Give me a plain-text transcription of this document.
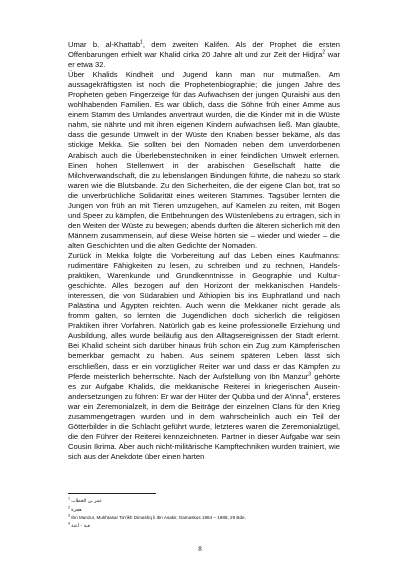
Umar b. al-Khattab$^1$, dem zweiten Kalifen. Als der Prophet die ersten Offenbarungen erhielt war Khalid cirka 20 Jahre alt und zur Zeit der Hidjra$^2$ war er etwa 32.

Über Khalids Kindheit und Jugend kann man nur mutmaßen. Am aussagekräftigsten ist noch die Prophetenbiographie; die jungen Jahre des Propheten geben Fingerzeige für das Aufwachsen der jungen Quraishi aus den wohlhabenden Familien. Es war üblich, dass die Söhne früh einer Amme aus einem Stamm des Umlandes anvertraut wurden, die die Kinder mit in die Wüste nahm, sie nährte und mit ihren eigenen Kindern aufwachsen ließ. Man glaubte, dass die gesunde Umwelt in der Wüste den Knaben besser bekäme, als das stickige Mekka. Sie sollten bei den Nomaden neben dem unverdorbenen Arabisch auch die Überlebenstechniken in einer feindlichen Umwelt erlernen. Einen hohen Stellenwert in der arabischen Gesellschaft hatte die Milchverwandschaft, die zu lebenslangen Bindungen führte, die nahezu so stark waren wie die Blutsbande. Zu den Sicherheiten, die der eigene Clan bot, trat so die unverbrüchliche Solidarität eines weiteren Stammes. Tagsüber lernten die Jungen von früh an mit Tieren umzugehen, auf Kamelen zu reiten, mit Bogen und Speer zu kämpfen, die Entbehrungen des Wüstenlebens zu ertragen, sich in den Weiten der Wüste zu bewegen; abends durften die älteren sicherlich mit den Männern zusammensein, auf diese Weise hörten sie – wieder und wieder – die alten Geschichten und die alten Gedichte der Nomaden.

Zurück in Mekka folgte die Vorbereitung auf das Leben eines Kaufmanns: rudimentäre Fähigkeiten zu lesen, zu schreiben und zu rechnen, Handelspraktiken, Warenkunde und Grundkenntnisse in Geographie und Kulturgeschichte. Alles bezogen auf den Horizont der mekkanischen Handelsinteressen, die von Südarabien und Äthiopien bis ins Euphratland und nach Palästina und Ägypten reichten. Auch wenn die Mekkaner nicht gerade als fromm galten, so lernten die Jugendlichen doch sicherlich die religiösen Praktiken ihrer Vorfahren. Natürlich gab es keine professionelle Erziehung und Ausbildung, alles wurde beiläufig aus den Alltagsereignissen der Stadt erlernt. Bei Khalid scheint sich darüber hinaus früh schon ein Zug zum Kämpferischen bemerkbar gemacht zu haben. Aus seinem späteren Leben lässt sich erschließen, dass er ein vorzüglicher Reiter war und dass er das Kämpfen zu Pferde meisterlich beherrschte. Nach der Aufstellung von Ibn Manzur$^3$ gehörte es zur Aufgabe Khalids, die mekkanische Reiterei in kriegerischen Auseinandersetzungen zu führen: Er war der Hüter der Qubba und der A'inna$^4$, ersteres war ein Zeremonialzelt, in dem die Beiträge der einzelnen Clans für den Krieg zusammengetragen wurden und in dem wahrscheinlich auch ein Teil der Götterbilder in die Schlacht geführt wurde, letzteres waren die Zeremonialzügel, die den Führer der Reiterei kennzeichneten. Partner in dieser Aufgabe war sein Cousin Ikrima. Aber auch nicht-militärische Kampftechniken wurden trainiert, wie sich aus der Anekdote über einen harten

$^1$ عمر بن الخطاب
$^2$ هجرة
$^3$ Ibn Manzur, Mukhtasar Ta’rikh Dimashq li Ibn Asakir, Damaskus 1984 – 1988, 29 Bde.
$^4$ قبة - أعنة
8
